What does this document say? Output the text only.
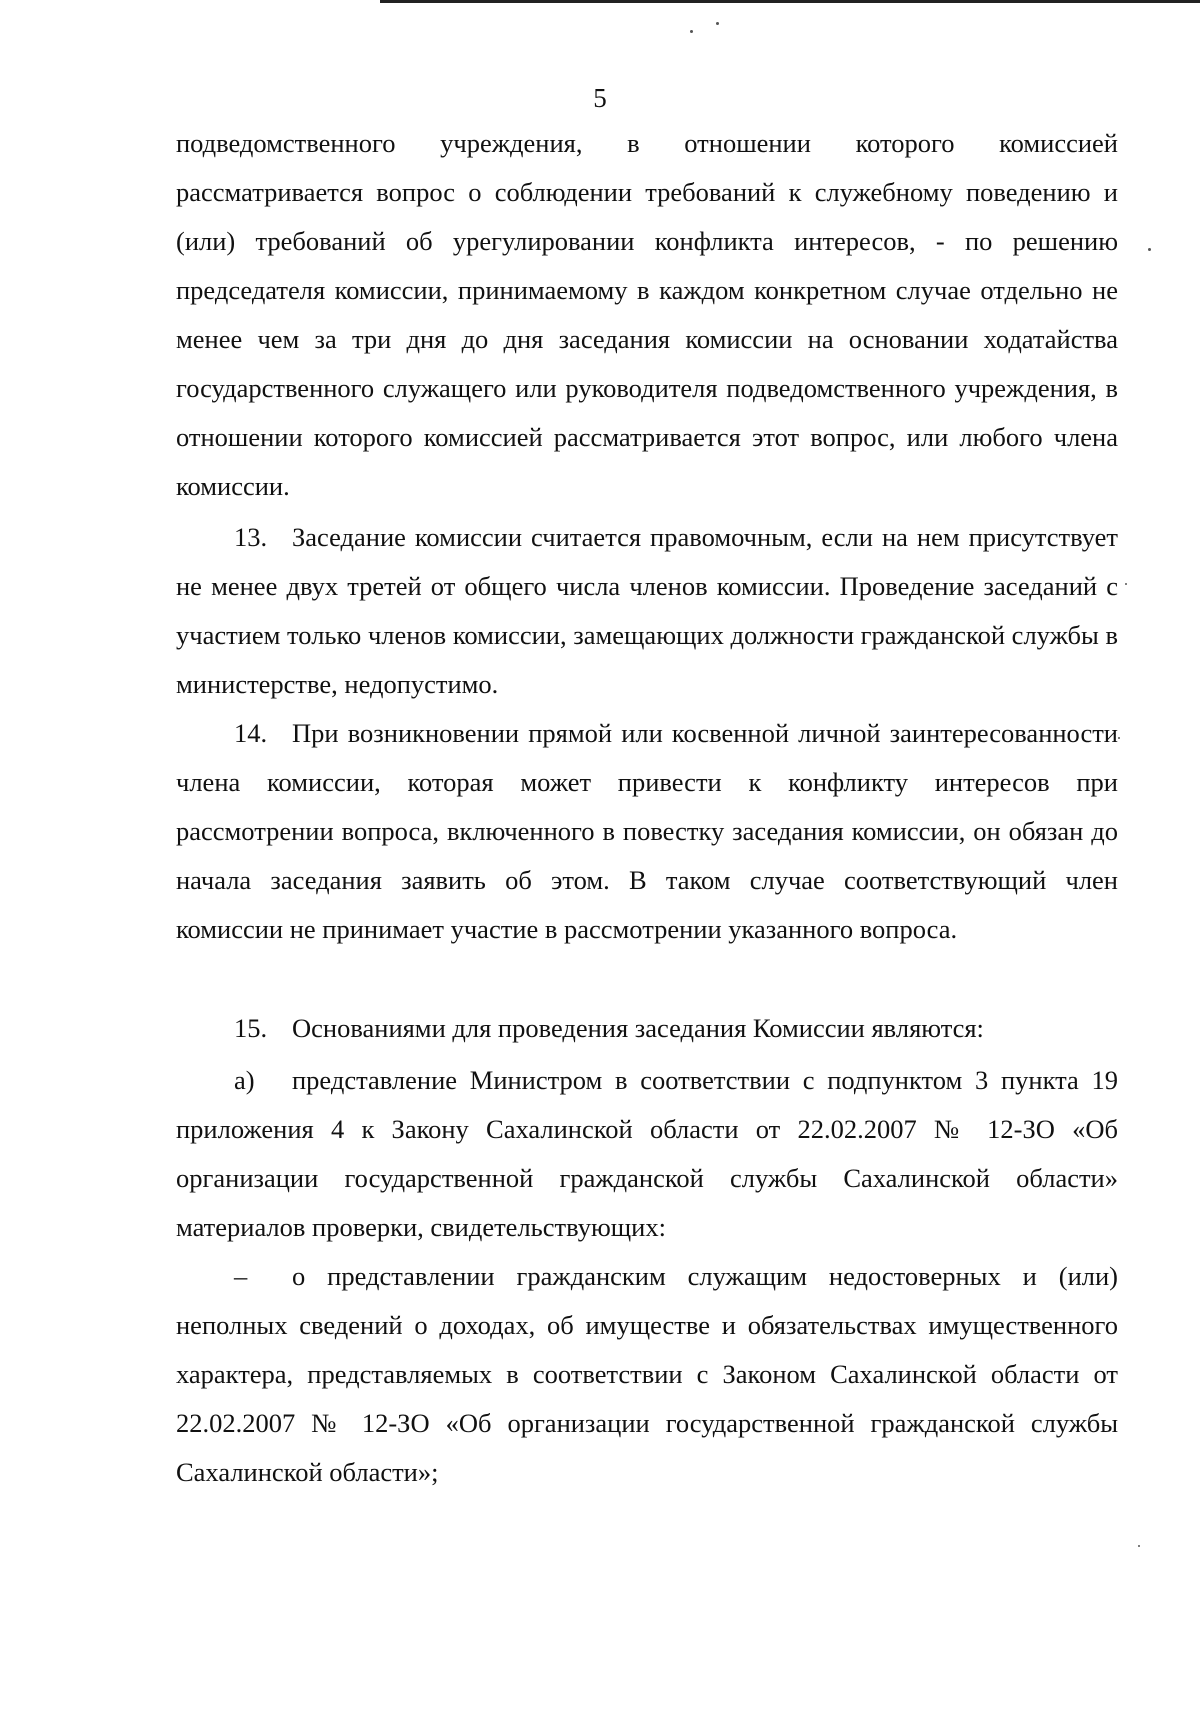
5

подведомственного учреждения, в отношении которого комиссией рассматривается вопрос о соблюдении требований к служебному поведению и (или) требований об урегулировании конфликта интересов, - по решению председателя комиссии, принимаемому в каждом конкретном случае отдельно не менее чем за три дня до дня заседания комиссии на основании ходатайства государственного служащего или руководителя подведомственного учреждения, в отношении которого комиссией рассматривается этот вопрос, или любого члена комиссии.

13. Заседание комиссии считается правомочным, если на нем присутствует не менее двух третей от общего числа членов комиссии. Проведение заседаний с участием только членов комиссии, замещающих должности гражданской службы в министерстве, недопустимо.

14. При возникновении прямой или косвенной личной заинтересованности члена комиссии, которая может привести к конфликту интересов при рассмотрении вопроса, включенного в повестку заседания комиссии, он обязан до начала заседания заявить об этом. В таком случае соответствующий член комиссии не принимает участие в рассмотрении указанного вопроса.

15. Основаниями для проведения заседания Комиссии являются:

а) представление Министром в соответствии с подпунктом 3 пункта 19 приложения 4 к Закону Сахалинской области от 22.02.2007 № 12-ЗО «Об организации государственной гражданской службы Сахалинской области» материалов проверки, свидетельствующих:

– о представлении гражданским служащим недостоверных и (или) неполных сведений о доходах, об имуществе и обязательствах имущественного характера, представляемых в соответствии с Законом Сахалинской области от 22.02.2007 № 12-ЗО «Об организации государственной гражданской службы Сахалинской области»;
